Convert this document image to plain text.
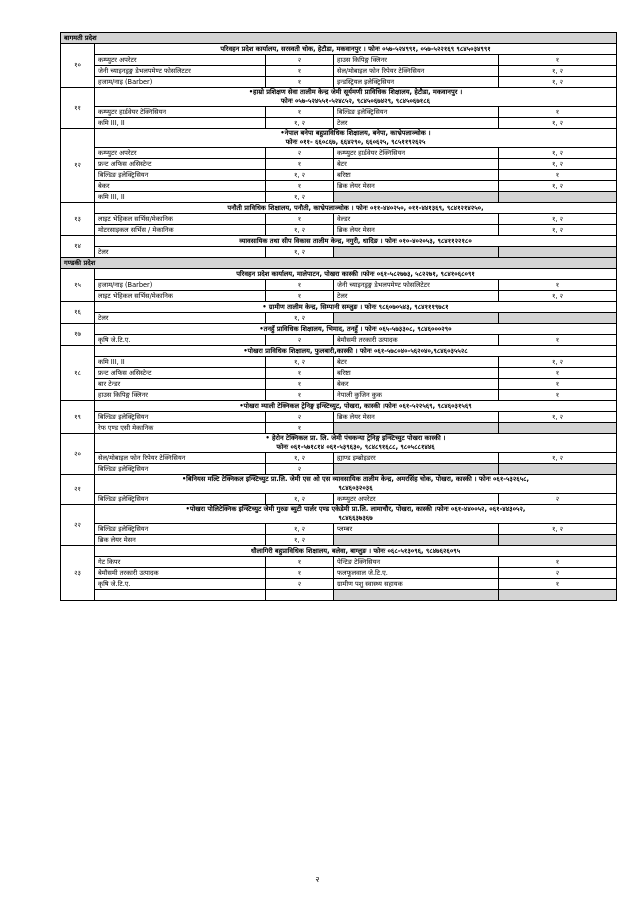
बागमती प्रदेश				
१०	परिवहन प्रदेश कार्यालय, सरस्वती चोक, हेटौडा, मकवानपुर । फोनः ०५७-५२४९९१, ०५७-५२२१६९ ९८४५०३४९९१			

	कम्प्युटर अपरेटर	२	हाउस किपिङ्ग क्लिनर	१
	जेनी च्याइनड्रङ्ग डेभलपमेण्ट फोसलिटटर	१	सेल/मोबाइल फोन रिपेयर टेक्निसियन	१, २
	हजाम/नाइ (Barber)	१	इन्डस्ट्रियल इलेक्ट्रिसियन	१, २
११	•हाम्रो प्रशिक्षण सेवा तालीम केन्द्र जेमी सूर्यमणी प्राविधिक शिक्षालय, हेटौडा, मकवानपुर ।
फोनः ०५७-५२४५५१-५२४८५२, ९८४५०६७४२९, ९८४५०६७१८६			

	कम्प्युटर हार्डवेयर टेक्निसियन	१	बिल्डिङ इलेक्ट्रिसियन	१
	कमि III, II	१, २	टेलर	१, २
१२	•नेपाल बनेपा बहुप्राविधिक शिक्षालय, बनेपा, काभ्रेपलाञ्चोक ।
फोनः ०११- ६६०८६७, ६६४२९०, ६६०६२५, ९८५११९२६२५			

	कम्प्युटर अपरेटर	२	कम्प्युटर हार्डवेयर टेक्निसियन	१, २
	फ्रन्ट अफिस असिस्टेन्ट	१	बेटर	१, २
	बिल्डिङ इलेक्ट्रिसियन	१, २	बरिष्टा	१
	बेकर	१	ब्रिक लेयर मेसन	१, २
	कमि III, II	१, २		
१३	पनौती प्राविधिक शिक्षालय, पनौती, काभ्रेपलाञ्चोक । फोनः ०११-४४०२५०, ०११-४४१३६९, ९८४१२१४२५०,			

	लाइट भेहिकल सर्भिस/मेकानिक	१	वेल्डर	१, २
	मोटरसाइकल सर्भिस / मेकानिक	१, २	ब्रिक लेयर मेसन	१, २
१४	व्यावसायिक तथा सीप विकास तालीम केन्द्र, नगुरी, धादिङ । फोनः ०१०-४०२०५३, ९८४११२२१८०			

	टेलर	१, २		
गण्डकी प्रदेश				
१५	परिवहन प्रदेश कार्यालय, मालेपाटन, पोखरा कास्की ।फोनः ०६१-५८२७७३, ५८२२७१, ९८४१०६८०९१			

	हजाम/नाइ (Barber)	१	जेनी च्याइनड्रङ्ग डेभलपमेण्ट फोसलिटेटर	१
	लाइट भेहिकल सर्भिस/मेकानिक	१	टेलर	१, २
१६	• ग्रामीण तालीम केन्द्र, सिम्पानी सम्जुङ । फोनः ९८६०७०५४३, ९८४१११९७८१			

	टेलर	१, २		
१७	•तनहुँ प्राविधिक शिक्षालय, भिमाद, तनहुँ । फोनः ०६५-५७३३०८, ९८४६०००२९०			

	कृषि जे.टि.ए.	२	बेमौसमी तरकारी उत्पादक	१
१८	•पोखरा प्राविधिक शिक्षालय, फुलबारी,कास्की । फोनः ०६१-५७८०४०-५६२०४०,९८४६०३५५२८			

	कमि III, II	१, २	बेटर	१, २
	फ्रन्ट अफिस असिस्टेन्ट	१	बरिष्टा	१
	बार टेन्डर	१	बेकर	१
	हाउस किपिङ्ग क्लिनर	१	नेपाली कुजिन कुक	१
१९	•पोखरा म्याली टेक्निकल ट्रेनिङ्ग इन्स्टिच्युट, पोखरा, कास्की ।फोनः ०६१-५२२५६९, ९८४६०३१५६९			

	बिल्डिङ इलेक्ट्रिसियन	२	ब्रिक लेयर मेसन	१, २
	रेफ एण्ड एसी मेकानिक	१		
२०	• हेरोन टेक्निकल प्रा. लि. जेमी पंचकन्या ट्रेनिङ्ग इन्स्टिच्युट पोखरा कास्की ।
फोनः ०६१-५७१८१४ ०६१-५३९६३०, ९८४८९१६८८, ९८०५८८१४४६			

	सेल/मोबाइल फोन रिपेयर टेक्निसियन	१, २	ह्याण्ड इम्ब्रोइडरर	१, २
	बिल्डिङ इलेक्ट्रिसियन	२		
२१	•बिनियस मल्टि टेक्निकल इन्स्टिच्युट प्रा.लि. जेमी एस ओ एस व्यावसायिक तालीम केन्द्र, अमरसिंह चोक, पोखरा, कास्की । फोनः ०६१-५३२६५८,
९८४६०३२०३६			

	बिल्डिङ इलेक्ट्रिसियन	१, २	कम्प्युटर अपरेटर	२
२२	•पोखरा पोलिटेक्निक इन्स्टिच्युट जेमी गुरुङ ब्युटी पार्लर एण्ड एकेडेमी प्रा.लि. लामाचौर, पोखरा, कास्की ।फोनः ०६१-४४००५२, ०६१-४४३०५२,
९८४६६३७३६७			

	बिल्डिङ इलेक्ट्रिसियन	१, २	प्लम्बर	१, २
	ब्रिक लेयर मेसन	१, २		
२३	धौलागिरी बहुप्राविधिक शिक्षालय, बलेवा, बाग्लुङ । फोनः ०६८-५१३०९६, ९८४७६२६०९५			

	गेट किपर	१	पेन्टिङ टेक्निसियन	१
	बेमौसमी तरकारी उत्पादक	१	फलफूलवाल जे.टि.ए.	२
	कृषि जे.टि.ए.	२	ग्रामीण पशु स्वास्थ्य सहायक	१

२
